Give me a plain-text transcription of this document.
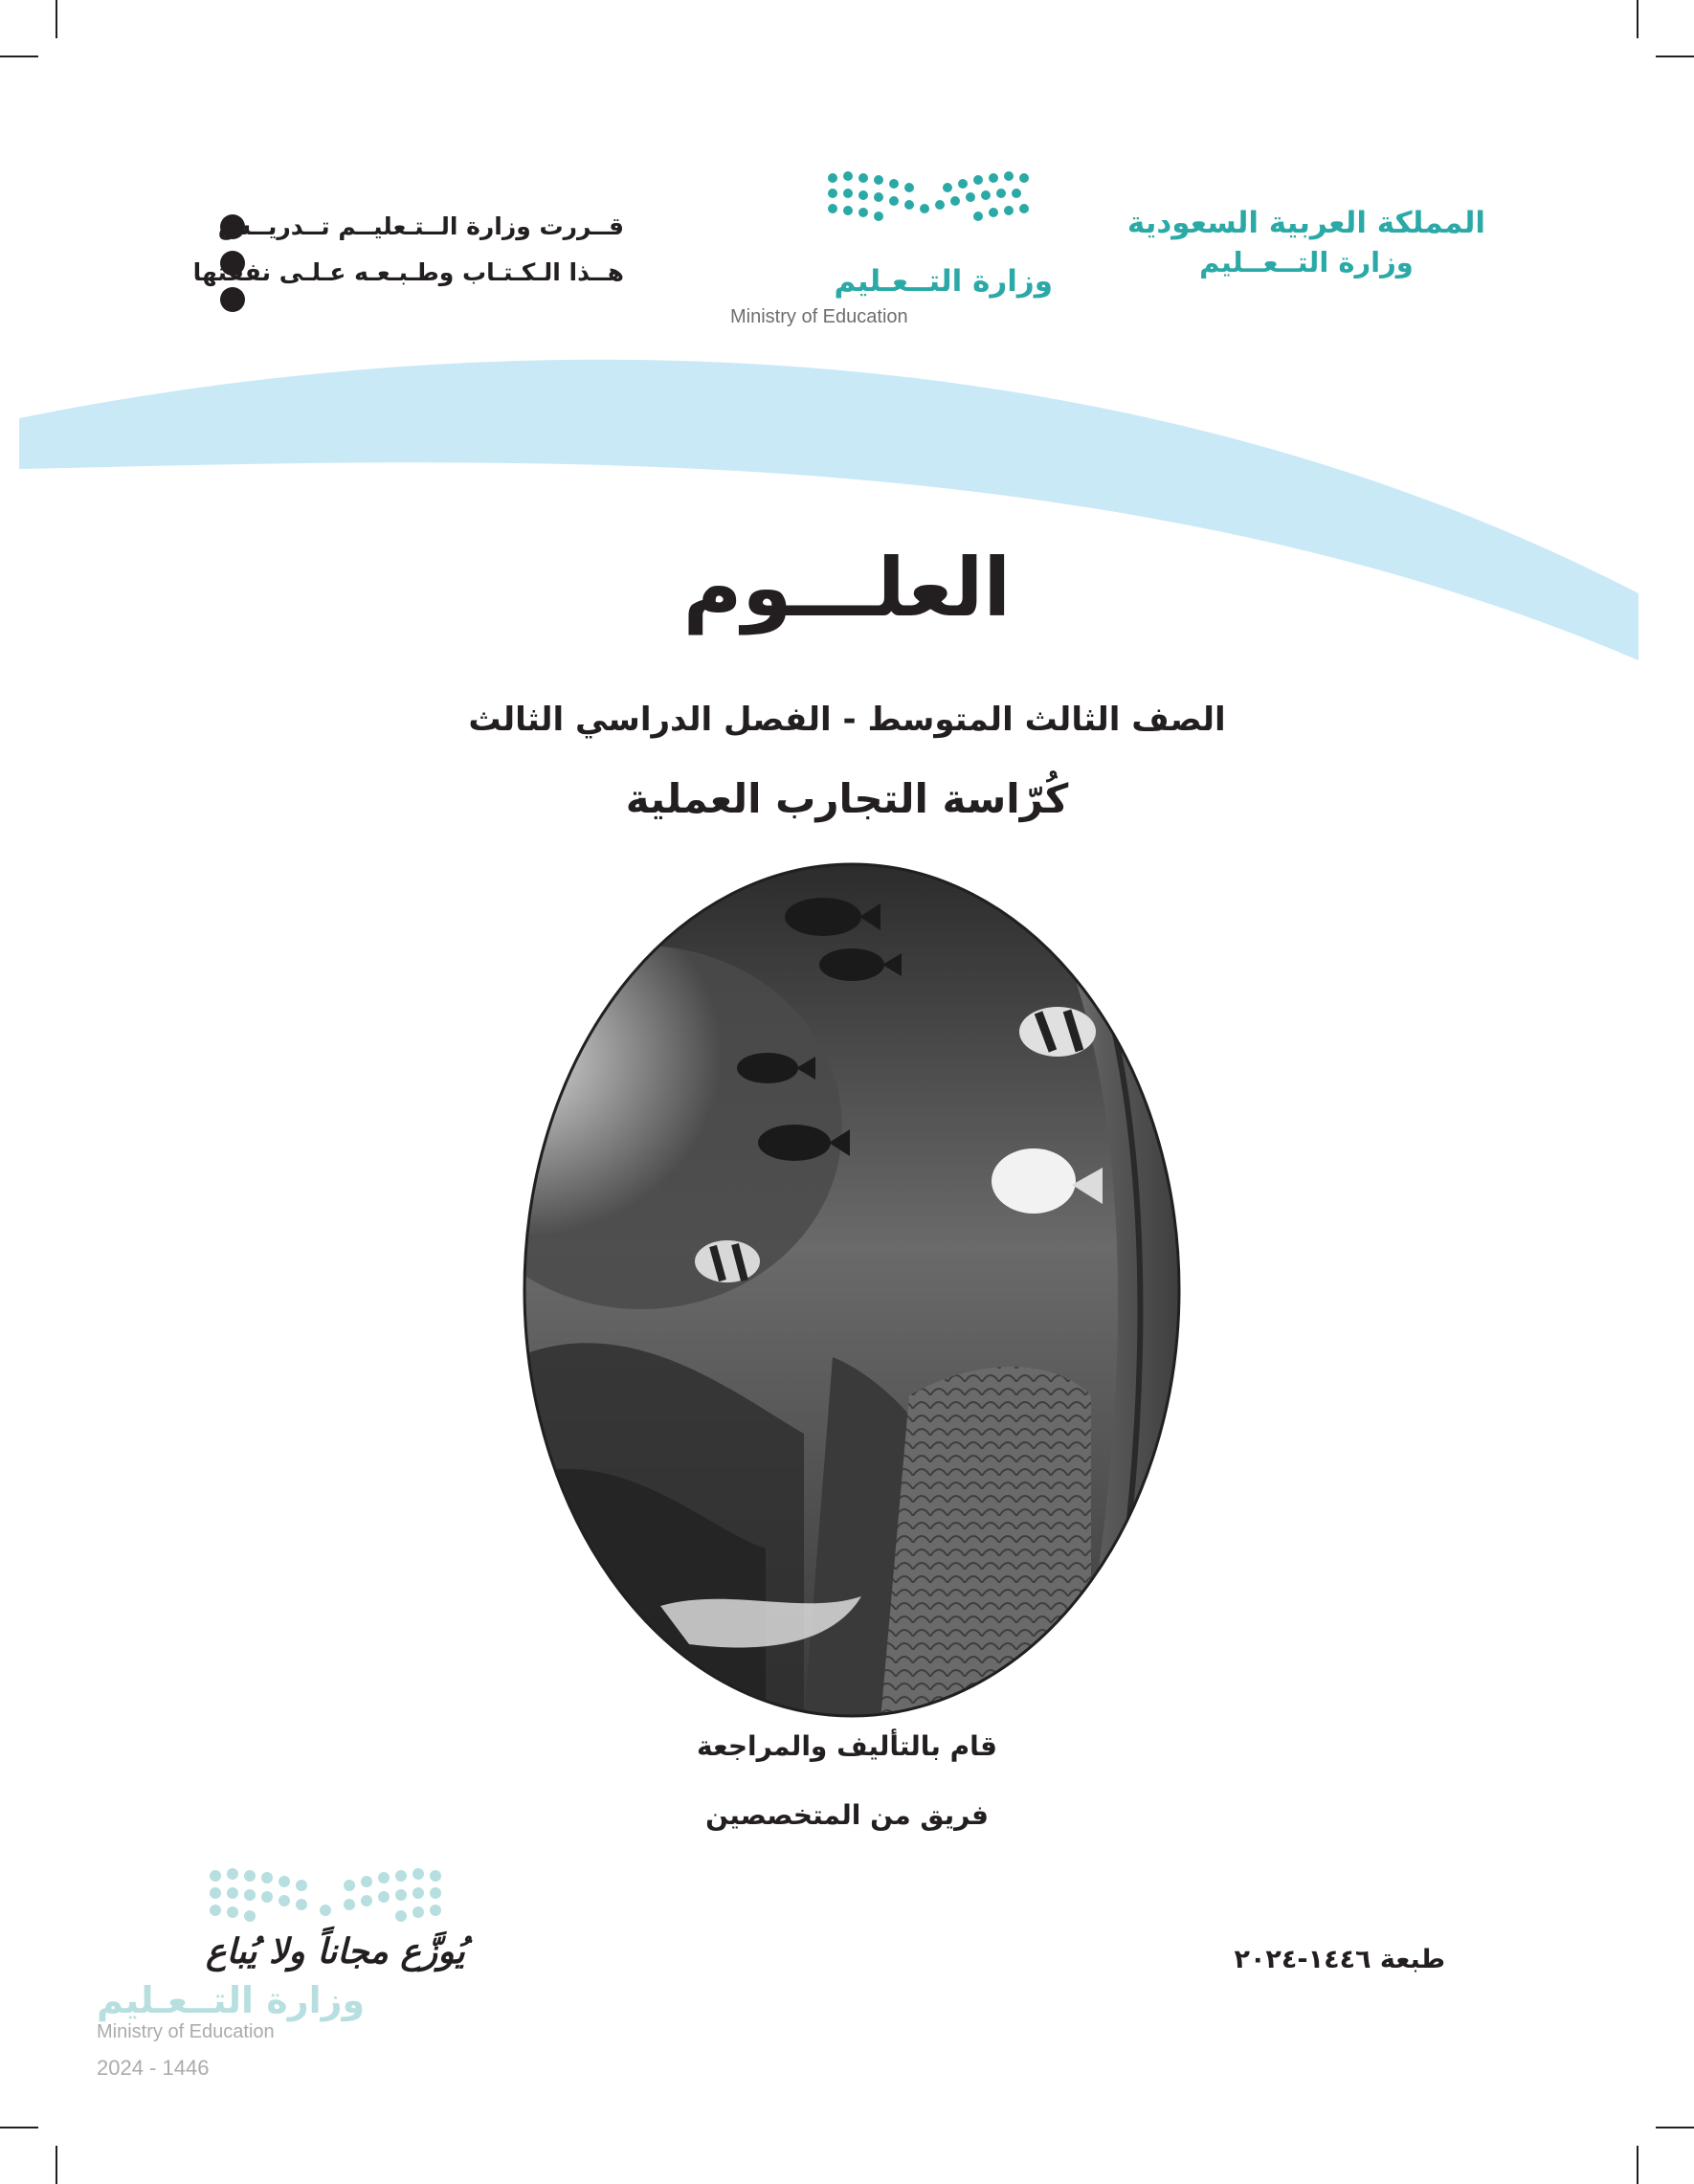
قــررت وزارة الــتـعليــم تــدريــس
هــذا الـكـتـاب وطـبـعـه عـلـى نفقتها	وزارة التــعـليم
Ministry of Education
المملكة العربية السعودية
وزارة التــعــليم
العلـــوم
الصف الثالث المتوسط - الفصل الدراسي الثالث
كُرّاسة التجارب العملية
قام بالتأليف والمراجعة
فريق من المتخصصين
طبعة ١٤٤٦-٢٠٢٤
يُوزَّع مجاناً ولا يُباع
وزارة التــعـليم
Ministry of Education
2024 - 1446
